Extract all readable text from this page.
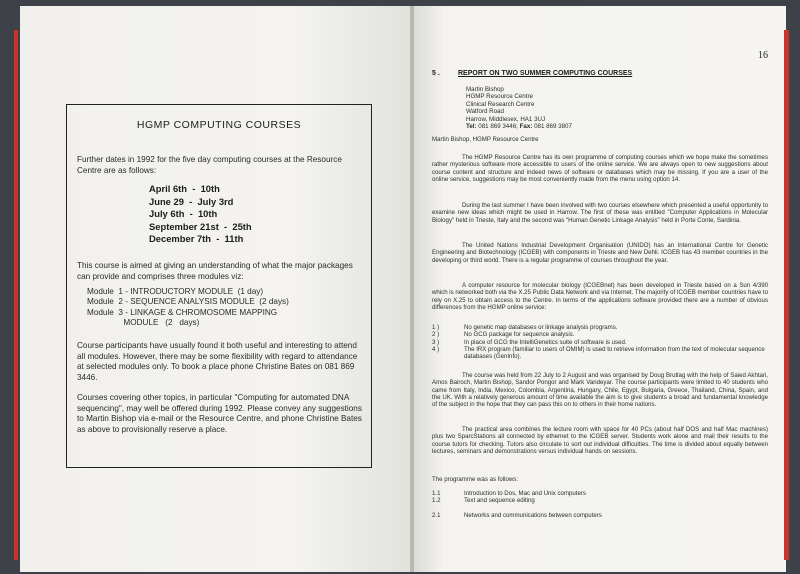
HGMP COMPUTING COURSES
Further dates in 1992 for the five day computing courses at the Resource Centre are as follows:
April 6th  -  10th
June 29  -  July 3rd
July 6th  -  10th
September 21st  -  25th
December 7th  -  11th
This course is aimed at giving an understanding of what the major packages can provide and comprises three modules viz:
Module  1 - INTRODUCTORY MODULE  (1 day)
Module  2 - SEQUENCE ANALYSIS MODULE  (2 days)
Module  3 - LINKAGE & CHROMOSOME MAPPING
MODULE   (2   days)
Course participants have usually found it both useful and interesting to attend all modules. However, there may be some flexibility with regard to attendance at selected modules only. To book a place phone Christine Bates on 081 869 3446.
Courses covering other topics, in particular "Computing for automated DNA sequencing", may well be offered during 1992. Please convey any suggestions to Martin Bishop via e-mail or the Resource Centre, and phone Christine Bates as above to provisionally reserve a place.
16
5 .	REPORT ON TWO SUMMER COMPUTING COURSES
Martin Bishop
HGMP Resource Centre
Clinical Research Centre
Watford Road
Harrow, Middlesex, HA1 3UJ
Tel: 081 869 3446; Fax: 081 869 3807
Martin Bishop, HGMP Resource Centre
The HGMP Resource Centre has its own programme of computing courses which we hope make the sometimes rather mysterious software more accessible to users of the online service. We are always open to new suggestions about course content and structure and indeed news of software or databases which may be missing. If you are a user of the online service, suggestions may be most conveniently made from the menu using option 14.
During the last summer I have been involved with two courses elsewhere which presented a useful opportunity to examine new ideas which might be used in Harrow. The first of these was entitled "Computer Applications in Molecular Biology" held in Trieste, Italy and the second was "Human Genetic Linkage Analysis" held in Porte Conte, Sardinia.
The United Nations Industrial Development Organisation (UNIDO) has an International Centre for Genetic Engineering and Biotechnology (ICGEB) with components in Trieste and New Dehli. ICGEB has 43 member countries in the developing or third world. There is a regular programme of courses throughout the year.
A computer resource for molecular biology (ICGEBnet) has been developed in Trieste based on a Sun 4/390 which is networked both via the X.25 Public Data Network and via Internet. The majority of ICGEB member countries have to rely on X.25 to obtain access to the Centre. In terms of the applications software provided there are a number of obvious differences from the HGMP online service:
1 )	No genetic map databases or linkage analysis programs.
2 )	No GCG package for sequence analysis.
3 )	In place of GCG the IntelliGenetics suite of software is used.
4 )	The IRX program (familiar to users of OMIM) is used to retrieve information from the text of molecular sequence databases (GenInfo).
The course was held from 22 July to 2 August and was organised by Doug Brutlag with the help of Saied Akhtari, Amos Bairoch, Martin Bishop, Sandor Pongor and Mark Vandeyar. The course participants were limited to 40 students who came from Italy, India, Mexico, Colombia, Argentina, Hungary, Chile, Egypt, Bulgaria, Greece, Thailand, China, Spain, and the UK. With a relatively generous amount of time available the aim is to give students a broad and fundamental knowledge of the subject in the hope that they can pass this on to others in their home nations.
The practical area combines the lecture room with space for 40 PCs (about half DOS and half Mac machines) plus two SparcStations all connected by ethernet to the ICGEB server. Students work alone and mail their results to the course tutors for checking. Tutors also circulate to sort out individual difficulties. The time is divided about equally between lectures, seminars and demonstrations versus individual hands on sessions.
The programme was as follows:
1.1	Introduction to Dos, Mac and Unix computers
1.2	Text and sequence editing
2.1	Networks and communications between computers
